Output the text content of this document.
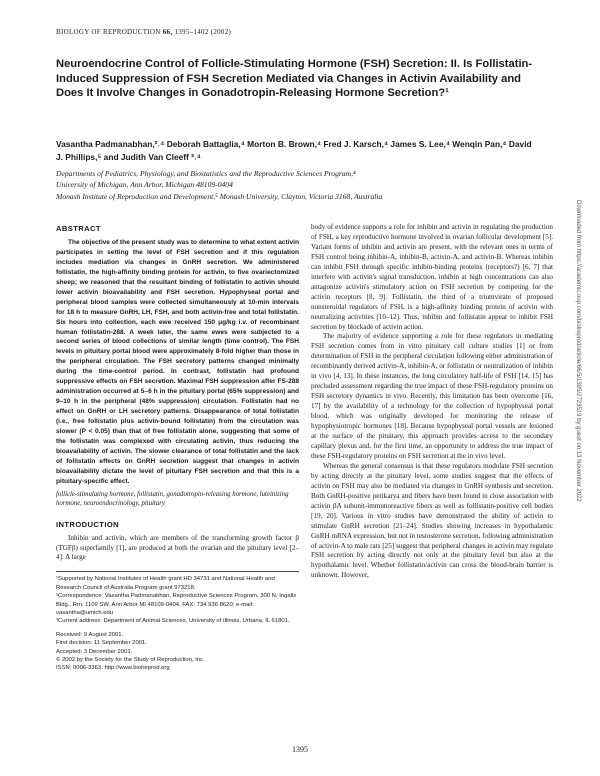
BIOLOGY OF REPRODUCTION 66, 1395–1402 (2002)
Neuroendocrine Control of Follicle-Stimulating Hormone (FSH) Secretion: II. Is Follistatin-Induced Suppression of FSH Secretion Mediated via Changes in Activin Availability and Does It Involve Changes in Gonadotropin-Releasing Hormone Secretion?¹
Vasantha Padmanabhan,²˒⁴ Deborah Battaglia,⁴ Morton B. Brown,⁴ Fred J. Karsch,⁴ James S. Lee,⁴ Wenqin Pan,⁴ David J. Phillips,⁵ and Judith Van Cleeff ³˒⁴
Departments of Pediatrics, Physiology, and Biostatistics and the Reproductive Sciences Program,⁴
University of Michigan, Ann Arbor, Michigan 48109-0404
Monash Institute of Reproduction and Development,⁵ Monash University, Clayton, Victoria 3168, Australia
ABSTRACT

The objective of the present study was to determine to what extent activin participates in setting the level of FSH secretion and if this regulation includes mediation via changes in GnRH secretion. We administered follistatin, the high-affinity binding protein for activin, to five ovariectomized sheep; we reasoned that the resultant binding of follistatin to activin should lower activin bioavailability and FSH secretion. Hypophyseal portal and peripheral blood samples were collected simultaneously at 10-min intervals for 18 h to measure GnRH, LH, FSH, and both activin-free and total follistatin. Six hours into collection, each ewe received 150 μg/kg i.v. of recombinant human follistatin-288. A week later, the same ewes were subjected to a second series of blood collections of similar length (time control). The FSH levels in pituitary portal blood were approximately 8-fold higher than those in the peripheral circulation. The FSH secretory patterns changed minimally during the time-control period. In contrast, follistatin had profound suppressive effects on FSH secretion. Maximal FSH suppression after FS-288 administration occurred at 5–6 h in the pituitary portal (65% suppression) and 9–10 h in the peripheral (48% suppression) circulation. Follistatin had no effect on GnRH or LH secretory patterns. Disappearance of total follistatin (i.e., free follistatin plus activin-bound follistatin) from the circulation was slower (P < 0.05) than that of free follistatin alone, suggesting that some of the follistatin was complexed with circulating activin, thus reducing the bioavailability of activin. The slower clearance of total follistatin and the lack of follistatin effects on GnRH secretion suggest that changes in activin bioavailability dictate the level of pituitary FSH secretion and that this is a pituitary-specific effect.

follicle-stimulating hormone, follistatin, gonadotropin-releasing hormone, luteinizing hormone, neuroendocrinology, pituitary

INTRODUCTION

Inhibin and activin, which are members of the transforming growth factor β (TGFβ) superfamily [1], are produced at both the ovarian and the pituitary level [2–4]. A large

¹Supported by National Institutes of Health grant HD 34731 and National Health and Research Council of Australia Program grant 973218.

²Correspondence: Vasantha Padmanabhan, Reproductive Sciences Program, 300 N. Ingalls Bldg., Rm. 1109 SW, Ann Arbor MI 48109-0404. FAX: 734 936 8620; e-mail: vasantha@umich.edu

³Current address: Department of Animal Sciences, University of Illinois, Urbana, IL 61801.

Received: 9 August 2001.
First decision: 11 September 2001.
Accepted: 3 December 2001.
© 2002 by the Society for the Study of Reproduction, Inc.
ISSN: 0006-3363. http://www.biolreprod.org

body of evidence supports a role for inhibin and activin in regulating the production of FSH, a key reproductive hormone involved in ovarian follicular development [5]. Variant forms of inhibin and activin are present, with the relevant ones in terms of FSH control being inhibin-A, inhibin-B, activin-A, and activin-B. Whereas inhibin can inhibit FSH through specific inhibin-binding proteins (receptors?) [6, 7] that interfere with activin's signal transduction, inhibin at high concentrations can also antagonize activin's stimulatory action on FSH secretion by competing for the activin receptors [8, 9]. Follistatin, the third of a triumvirate of proposed nonsteroidal regulators of FSH, is a high-affinity binding protein of activin with neutralizing activities [10–12]. Thus, inhibin and follistatin appear to inhibit FSH secretion by blockade of activin action.

The majority of evidence supporting a role for these regulators in mediating FSH secretion comes from in vitro pituitary cell culture studies [1] or from determination of FSH in the peripheral circulation following either administration of recombinantly derived activin-A, inhibin-A, or follistatin or neutralization of inhibin in vivo [4, 13]. In these instances, the long circulatory half-life of FSH [14, 15] has precluded assessment regarding the true impact of these FSH-regulatory proteins on FSH secretory dynamics in vivo. Recently, this limitation has been overcome [16, 17] by the availability of a technology for the collection of hypophyseal portal blood, which was originally developed for monitoring the release of hypophysiotropic hormones [18]. Because hypophyseal portal vessels are lesioned at the surface of the pituitary, this approach provides access to the secondary capillary plexus and, for the first time, an opportunity to address the true impact of these FSH-regulatory proteins on FSH secretion at the in vivo level.

Whereas the general consensus is that these regulators modulate FSH secretion by acting directly at the pituitary level, some studies suggest that the effects of activin on FSH may also be mediated via changes in GnRH synthesis and secretion. Both GnRH-positive perikarya and fibers have been found in close association with activin βA subunit-immunoreactive fibers as well as follistatin-positive cell bodies [19, 20]. Various in vitro studies have demonstrated the ability of activin to stimulate GnRH secretion [21–24]. Studies showing increases in hypothalamic GnRH mRNA expression, but not in testosterone secretion, following administration of activin-A to male rats [25] suggest that peripheral changes in activin may regulate FSH secretion by acting directly not only at the pituitary level but also at the hypothalamic level. Whether follistatin/activin can cross the blood-brain barrier is unknown. However,

Downloaded from https://academic.oup.com/biolreprod/article/66/5/1395/2723519 by guest on 13 November 2022
1395
